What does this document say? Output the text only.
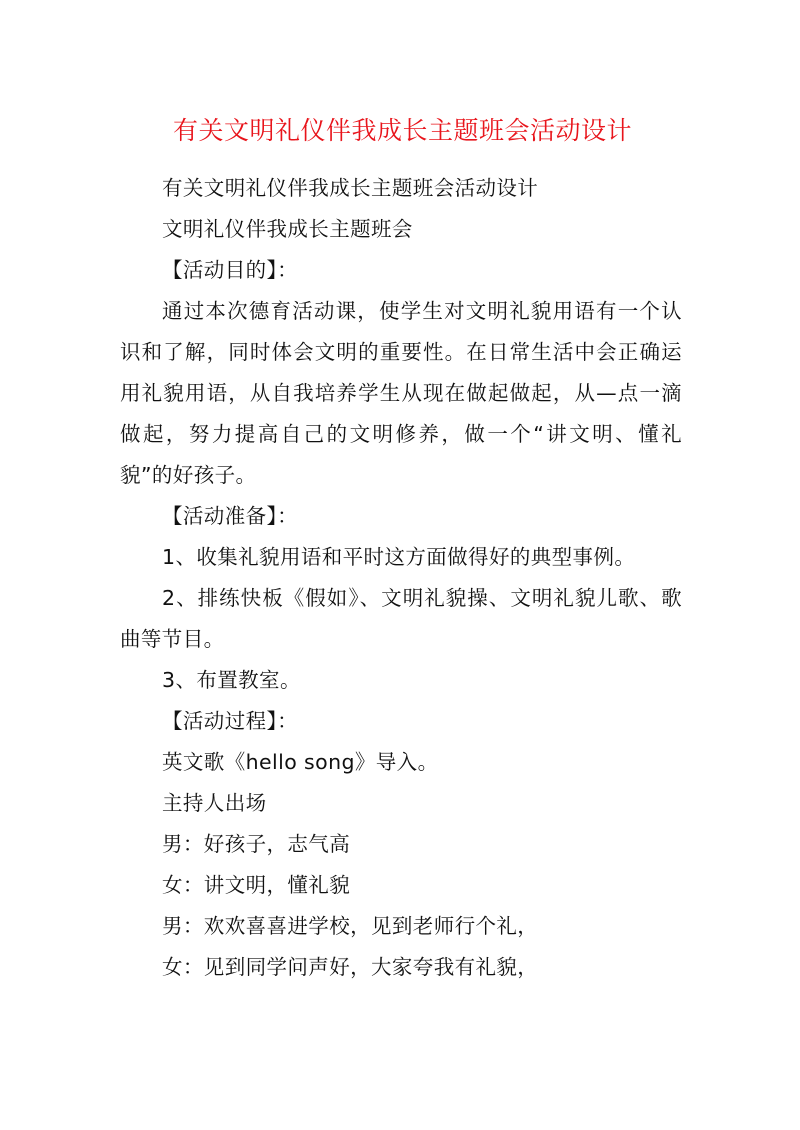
有关文明礼仪伴我成长主题班会活动设计

有关文明礼仪伴我成长主题班会活动设计

文明礼仪伴我成长主题班会

【活动目的】：

通过本次德育活动课，使学生对文明礼貌用语有一个认识和了解，同时体会文明的重要性。在日常生活中会正确运用礼貌用语，从自我培养学生从现在做起做起，从—点一滴做起，努力提高自己的文明修养，做一个“讲文明、懂礼貌”的好孩子。

【活动准备】：

1、收集礼貌用语和平时这方面做得好的典型事例。

2、排练快板《假如》、文明礼貌操、文明礼貌儿歌、歌曲等节目。

3、布置教室。

【活动过程】：

英文歌《hello song》导入。

主持人出场

男：好孩子，志气高

女：讲文明，懂礼貌

男：欢欢喜喜进学校，见到老师行个礼，

女：见到同学问声好，大家夸我有礼貌，
